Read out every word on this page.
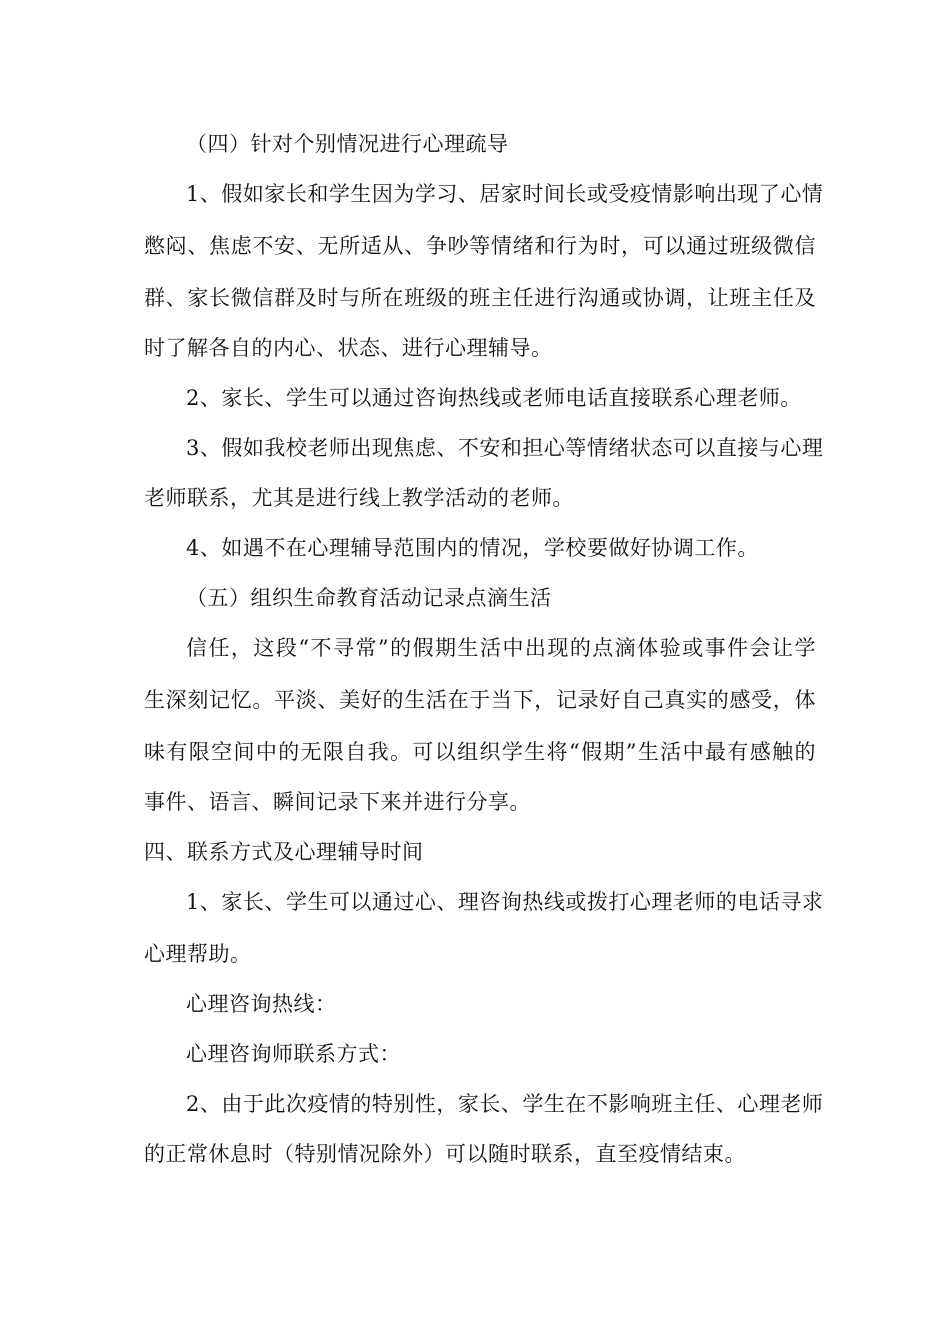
（四）针对个别情况进行心理疏导
1、假如家长和学生因为学习、居家时间长或受疫情影响出现了心情
憋闷、焦虑不安、无所适从、争吵等情绪和行为时，可以通过班级微信
群、家长微信群及时与所在班级的班主任进行沟通或协调，让班主任及
时了解各自的内心、状态、进行心理辅导。
2、家长、学生可以通过咨询热线或老师电话直接联系心理老师。
3、假如我校老师出现焦虑、不安和担心等情绪状态可以直接与心理
老师联系，尤其是进行线上教学活动的老师。
4、如遇不在心理辅导范围内的情况，学校要做好协调工作。
（五）组织生命教育活动记录点滴生活
信任，这段“不寻常”的假期生活中出现的点滴体验或事件会让学
生深刻记忆。平淡、美好的生活在于当下，记录好自己真实的感受，体
味有限空间中的无限自我。可以组织学生将“假期”生活中最有感触的
事件、语言、瞬间记录下来并进行分享。
四、联系方式及心理辅导时间
1、家长、学生可以通过心、理咨询热线或拨打心理老师的电话寻求
心理帮助。
心理咨询热线：
心理咨询师联系方式：
2、由于此次疫情的特别性，家长、学生在不影响班主任、心理老师
的正常休息时（特别情况除外）可以随时联系，直至疫情结束。
